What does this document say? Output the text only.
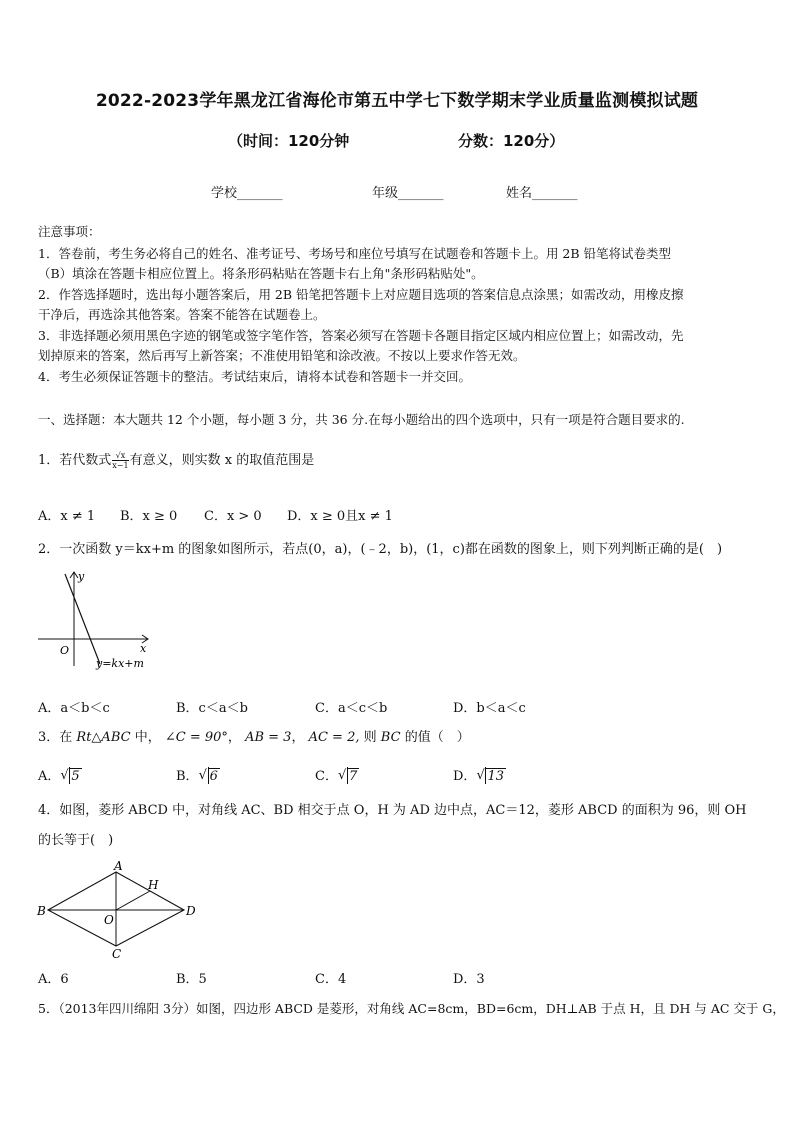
2022-2023学年黑龙江省海伦市第五中学七下数学期末学业质量监测模拟试题
（时间：120分钟	分数：120分）
学校_______	年级_______	姓名_______
注意事项：
1．答卷前，考生务必将自己的姓名、准考证号、考场号和座位号填写在试题卷和答题卡上。用 2B 铅笔将试卷类型
（B）填涂在答题卡相应位置上。将条形码粘贴在答题卡右上角"条形码粘贴处"。
2．作答选择题时，选出每小题答案后，用 2B 铅笔把答题卡上对应题目选项的答案信息点涂黑；如需改动，用橡皮擦
干净后，再选涂其他答案。答案不能答在试题卷上。
3．非选择题必须用黑色字迹的钢笔或签字笔作答，答案必须写在答题卡各题目指定区域内相应位置上；如需改动，先
划掉原来的答案，然后再写上新答案；不准使用铅笔和涂改液。不按以上要求作答无效。
4．考生必须保证答题卡的整洁。考试结束后，请将本试卷和答题卡一并交回。
一、选择题：本大题共 12 个小题，每小题 3 分，共 36 分.在每小题给出的四个选项中，只有一项是符合题目要求的.
1．若代数式 $\frac{√x}{x-1}$ 有意义，则实数 x 的取值范围是
A．x ≠ 1 B．x ≥ 0 C．x > 0 D．x ≥ 0且x ≠ 1
2．一次函数 y＝kx+m 的图象如图所示，若点(0，a)，(﹣2，b)，(1，c)都在函数的图象上，则下列判断正确的是(　)
y
x
O
y=kx+m
A．a＜b＜c	B．c＜a＜b	C．a＜c＜b	D．b＜a＜c
3．在 Rt△ABC 中， ∠C = 90°， AB = 3， AC = 2, 则 BC 的值（　）
A． √ 5	B． √ 6	C． √ 7	D． √ 13
4．如图，菱形 ABCD 中，对角线 AC、BD 相交于点 O，H 为 AD 边中点，AC＝12，菱形 ABCD 的面积为 96，则 OH
的长等于(　)
A
B
C
D
H
O
A．6	B．5	C．4	D．3
5．（2013年四川绵阳 3分）如图，四边形 ABCD 是菱形，对角线 AC=8cm，BD=6cm，DH⊥AB 于点 H，且 DH 与 AC 交于 G，
